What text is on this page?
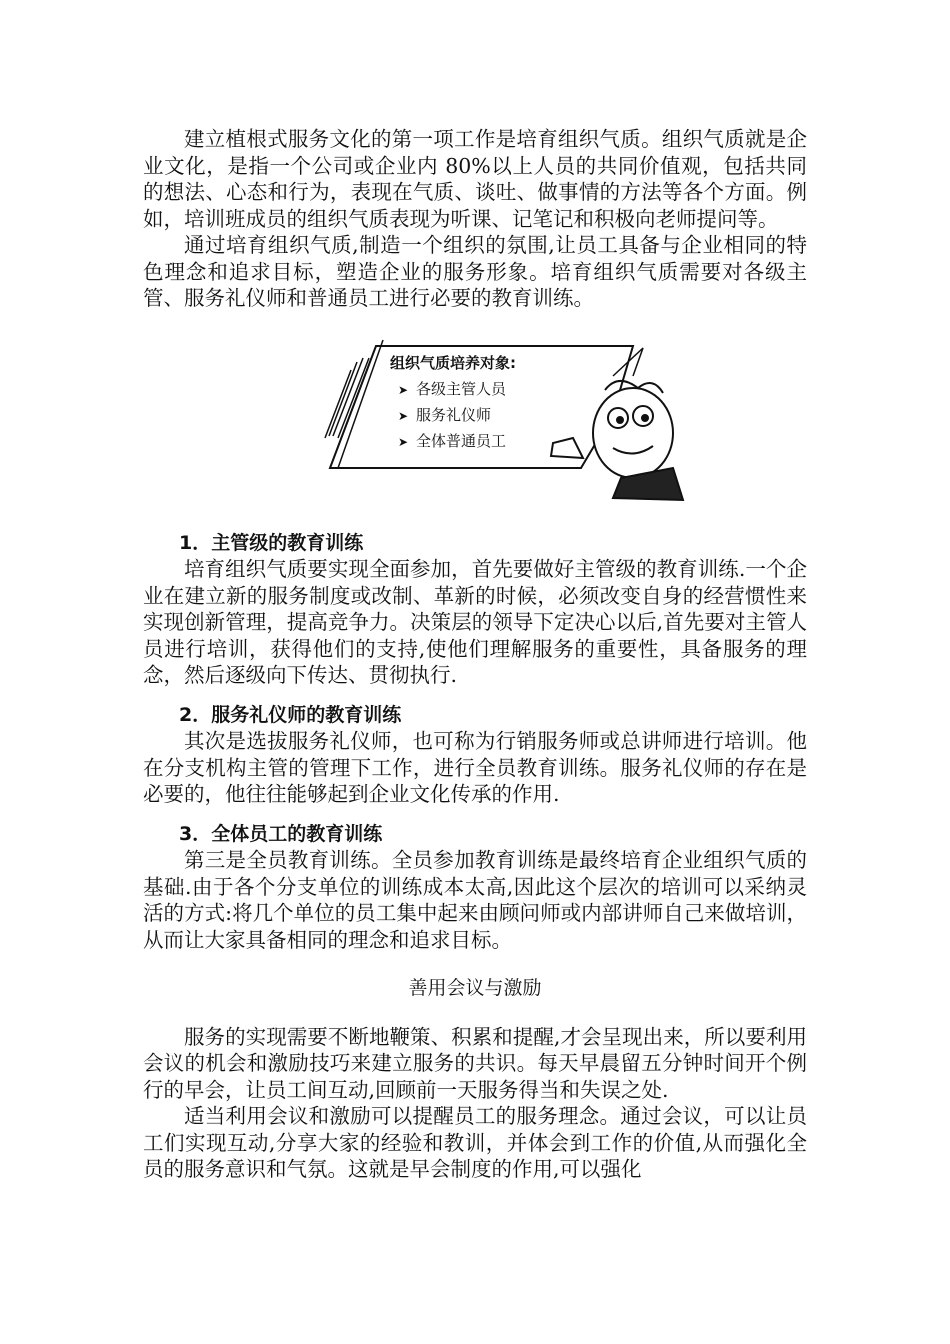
建立植根式服务文化的第一项工作是培育组织气质。组织气质就是企业文化，是指一个公司或企业内 80%以上人员的共同价值观，包括共同的想法、心态和行为，表现在气质、谈吐、做事情的方法等各个方面。例如，培训班成员的组织气质表现为听课、记笔记和积极向老师提问等。

通过培育组织气质,制造一个组织的氛围,让员工具备与企业相同的特色理念和追求目标，塑造企业的服务形象。培育组织气质需要对各级主管、服务礼仪师和普通员工进行必要的教育训练。

组织气质培养对象:
➤ 各级主管人员
➤ 服务礼仪师
➤ 全体普通员工

1．主管级的教育训练

培育组织气质要实现全面参加，首先要做好主管级的教育训练.一个企业在建立新的服务制度或改制、革新的时候，必须改变自身的经营惯性来实现创新管理，提高竞争力。决策层的领导下定决心以后,首先要对主管人员进行培训，获得他们的支持,使他们理解服务的重要性，具备服务的理念，然后逐级向下传达、贯彻执行.

2．服务礼仪师的教育训练

其次是选拔服务礼仪师，也可称为行销服务师或总讲师进行培训。他在分支机构主管的管理下工作，进行全员教育训练。服务礼仪师的存在是必要的，他往往能够起到企业文化传承的作用.

3．全体员工的教育训练

第三是全员教育训练。全员参加教育训练是最终培育企业组织气质的基础.由于各个分支单位的训练成本太高,因此这个层次的培训可以采纳灵活的方式:将几个单位的员工集中起来由顾问师或内部讲师自己来做培训，从而让大家具备相同的理念和追求目标。

善用会议与激励

服务的实现需要不断地鞭策、积累和提醒,才会呈现出来，所以要利用会议的机会和激励技巧来建立服务的共识。每天早晨留五分钟时间开个例行的早会，让员工间互动,回顾前一天服务得当和失误之处.

适当利用会议和激励可以提醒员工的服务理念。通过会议，可以让员工们实现互动,分享大家的经验和教训，并体会到工作的价值,从而强化全员的服务意识和气氛。这就是早会制度的作用,可以强化
